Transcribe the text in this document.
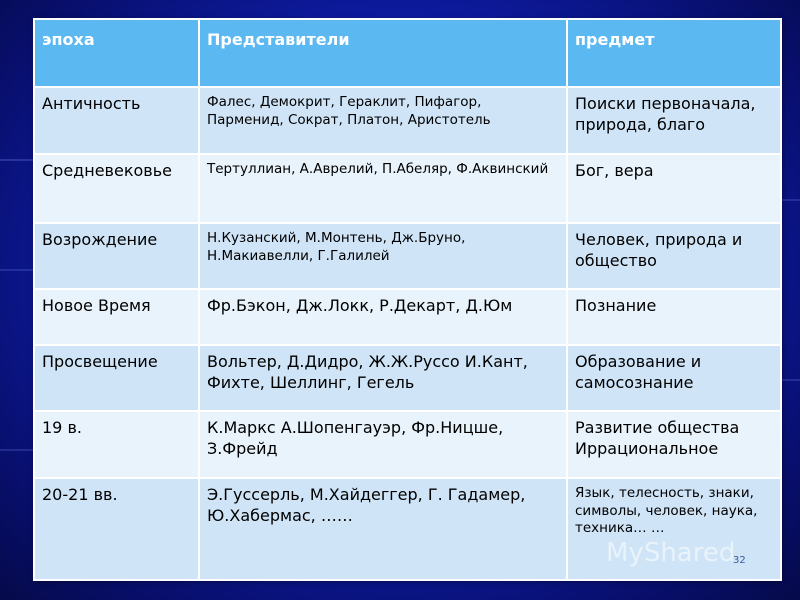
эпоха	Представители	предмет
Античность	Фалес, Демокрит, Гераклит, Пифагор, Парменид, Сократ, Платон, Аристотель	Поиски первоначала, природа, благо
Средневековье	Тертуллиан, А.Аврелий, П.Абеляр, Ф.Аквинский	Бог, вера
Возрождение	Н.Кузанский, М.Монтень, Дж.Бруно, Н.Макиавелли, Г.Галилей	Человек, природа и общество
Новое Время	Фр.Бэкон, Дж.Локк, Р.Декарт, Д.Юм	Познание
Просвещение	Вольтер, Д.Дидро, Ж.Ж.Руссо И.Кант, Фихте, Шеллинг, Гегель	Образование и самосознание
19 в.	К.Маркс А.Шопенгауэр, Фр.Ницше, З.Фрейд	Развитие общества Иррациональное
20-21 вв.	Э.Гуссерль, М.Хайдеггер, Г. Гадамер, Ю.Хабермас, ……	Язык, телесность, знаки, символы, человек, наука, техника… …
MyShared
32
